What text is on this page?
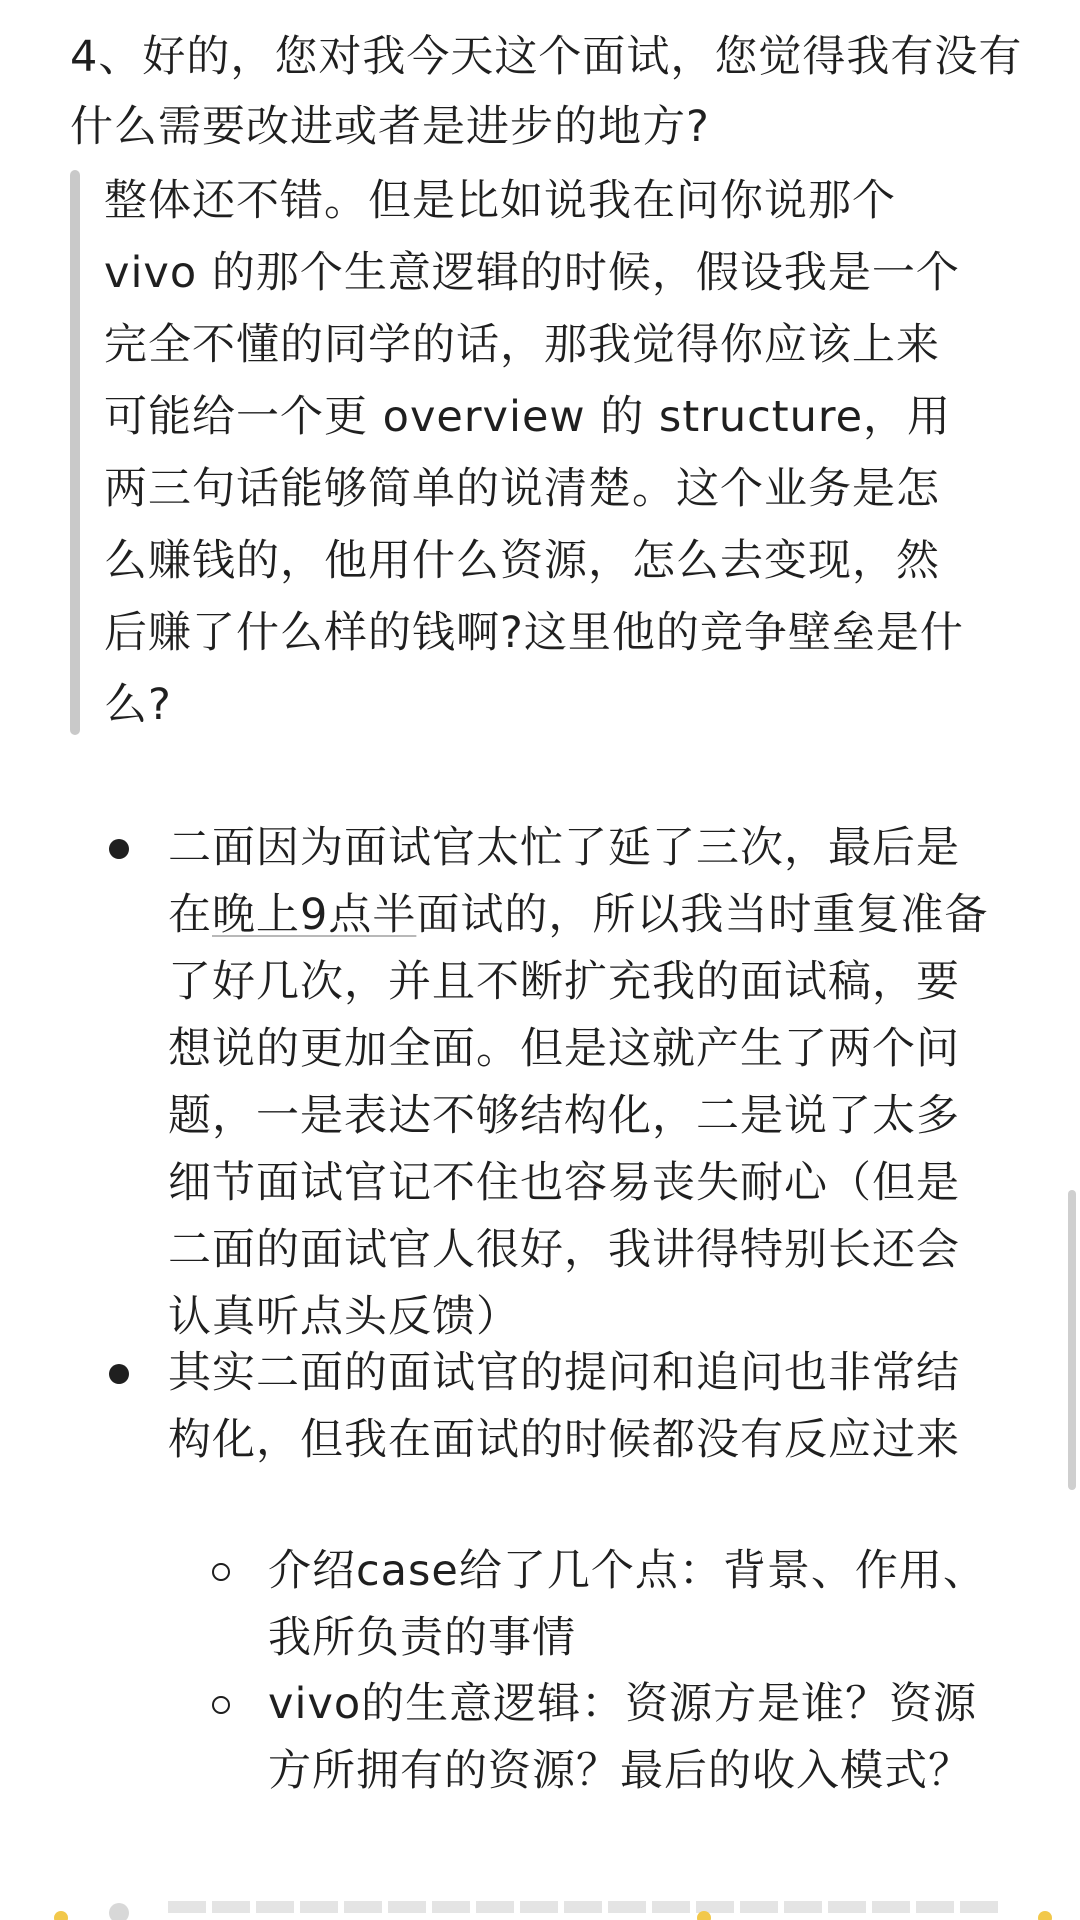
4、好的，您对我今天这个面试，您觉得我有没有什么需要改进或者是进步的地方?
整体还不错。但是比如说我在问你说那个vivo 的那个生意逻辑的时候，假设我是一个完全不懂的同学的话，那我觉得你应该上来可能给一个更 overview 的 structure，用两三句话能够简单的说清楚。这个业务是怎么赚钱的，他用什么资源，怎么去变现，然后赚了什么样的钱啊?这里他的竞争壁垒是什么?
二面因为面试官太忙了延了三次，最后是在晚上9点半面试的，所以我当时重复准备了好几次，并且不断扩充我的面试稿，要想说的更加全面。但是这就产生了两个问题，一是表达不够结构化，二是说了太多细节面试官记不住也容易丧失耐心（但是二面的面试官人很好，我讲得特别长还会认真听点头反馈）
其实二面的面试官的提问和追问也非常结构化，但我在面试的时候都没有反应过来
介绍case给了几个点：背景、作用、我所负责的事情
vivo的生意逻辑：资源方是谁？资源方所拥有的资源？最后的收入模式？
